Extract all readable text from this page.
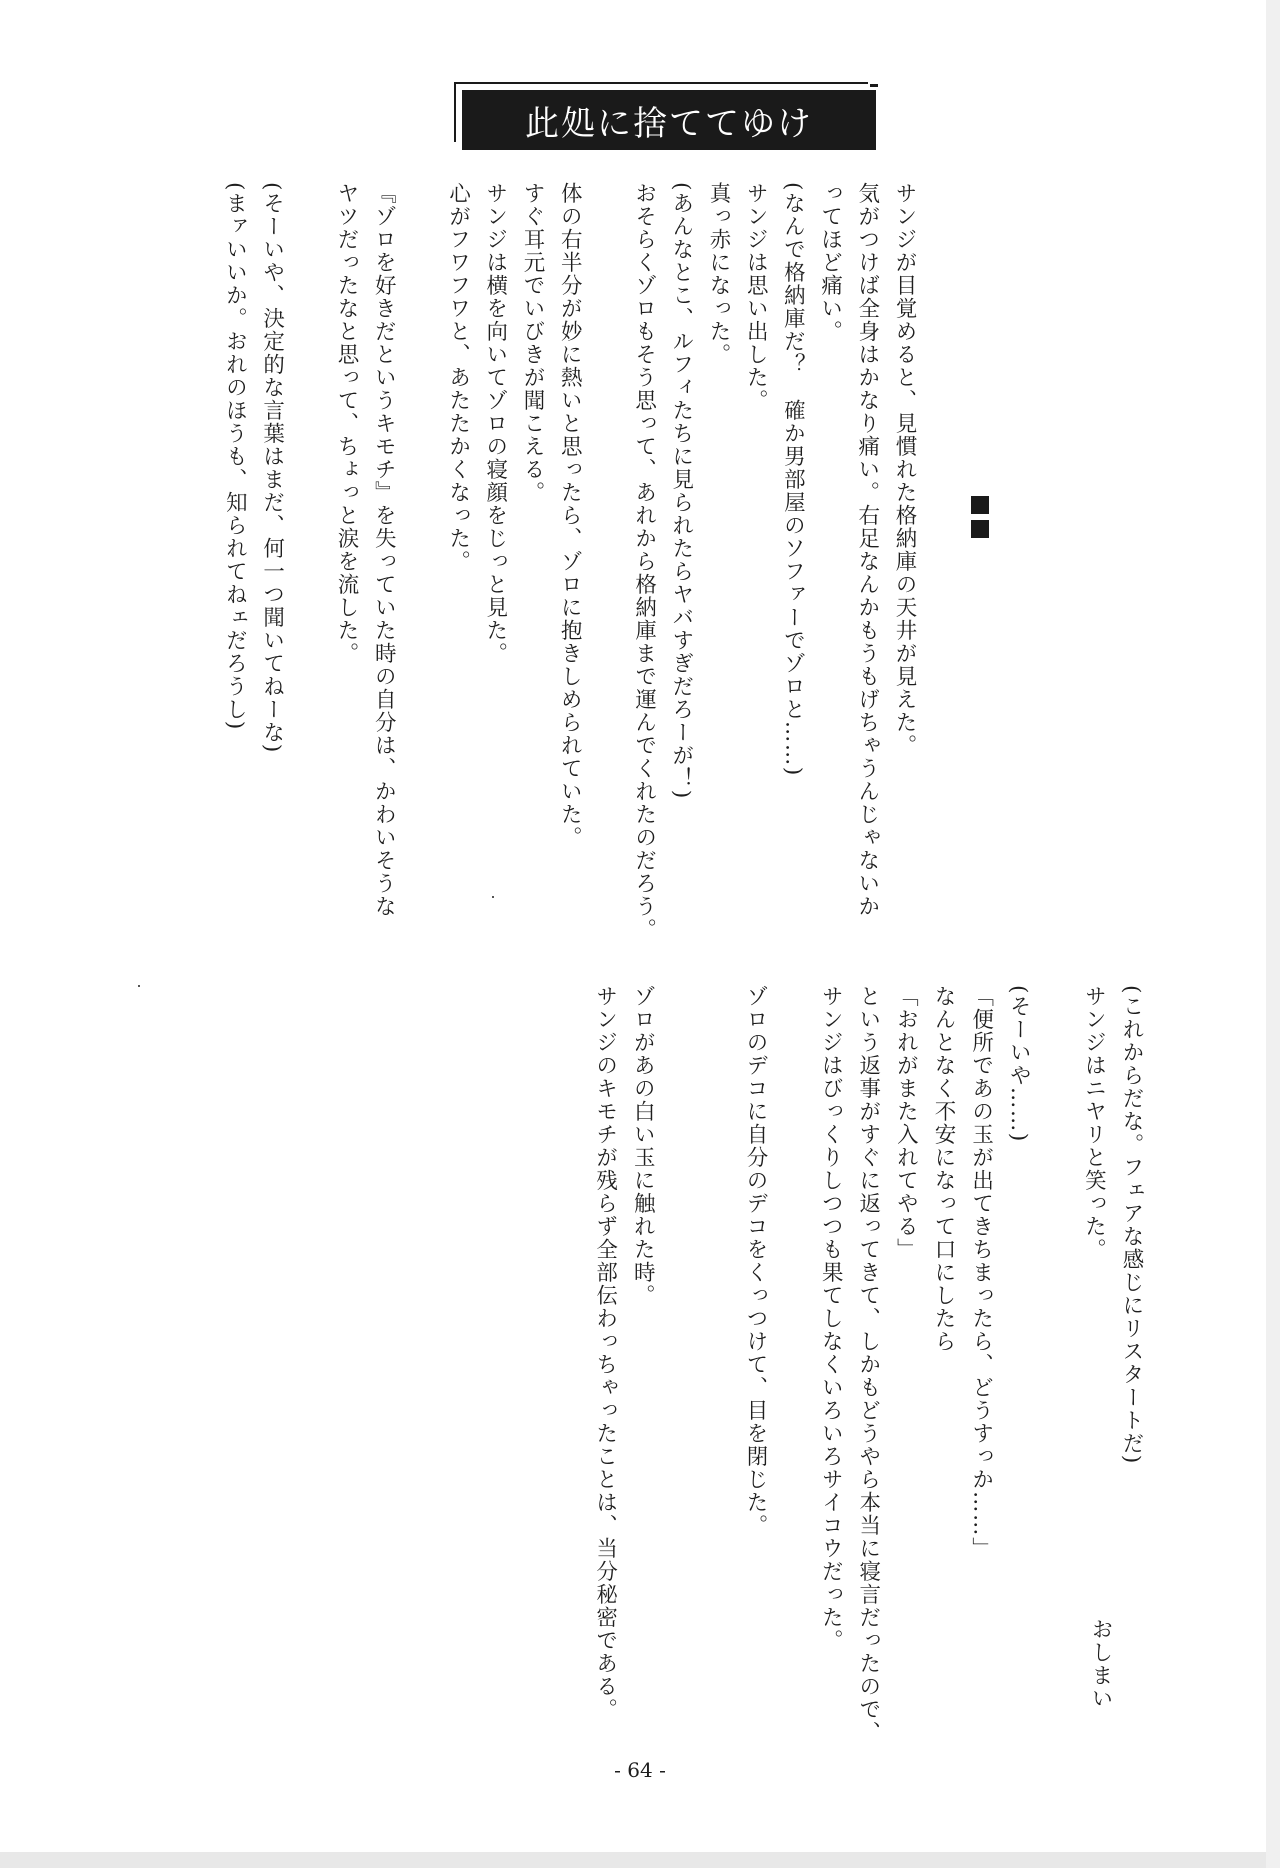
此処に捨ててゆけ
サンジが目覚めると、見慣れた格納庫の天井が見えた。
気がつけば全身はかなり痛い。右足なんかもうもげちゃうんじゃないか
ってほど痛い。
(なんで格納庫だ？　確か男部屋のソファーでゾロと……)
サンジは思い出した。
真っ赤になった。
(あんなとこ、ルフィたちに見られたらヤバすぎだろーが！)
おそらくゾロもそう思って、あれから格納庫まで運んでくれたのだろう。
体の右半分が妙に熱いと思ったら、ゾロに抱きしめられていた。
すぐ耳元でいびきが聞こえる。
サンジは横を向いてゾロの寝顔をじっと見た。
心がフワフワと、あたたかくなった。
『ゾロを好きだというキモチ』を失っていた時の自分は、かわいそうな
ヤツだったなと思って、ちょっと涙を流した。
(そーいや、決定的な言葉はまだ、何一つ聞いてねーな)
(まァいいか。おれのほうも、知られてねェだろうし)
(これからだな。フェアな感じにリスタートだ)
サンジはニヤリと笑った。
(そーいや……)
「便所であの玉が出てきちまったら、どうすっか……」
なんとなく不安になって口にしたら
「おれがまた入れてやる」
という返事がすぐに返ってきて、しかもどうやら本当に寝言だったので、
サンジはびっくりしつつも果てしなくいろいろサイコウだった。
ゾロのデコに自分のデコをくっつけて、目を閉じた。
ゾロがあの白い玉に触れた時。
サンジのキモチが残らず全部伝わっちゃったことは、当分秘密である。	おしまい
- 64 -
